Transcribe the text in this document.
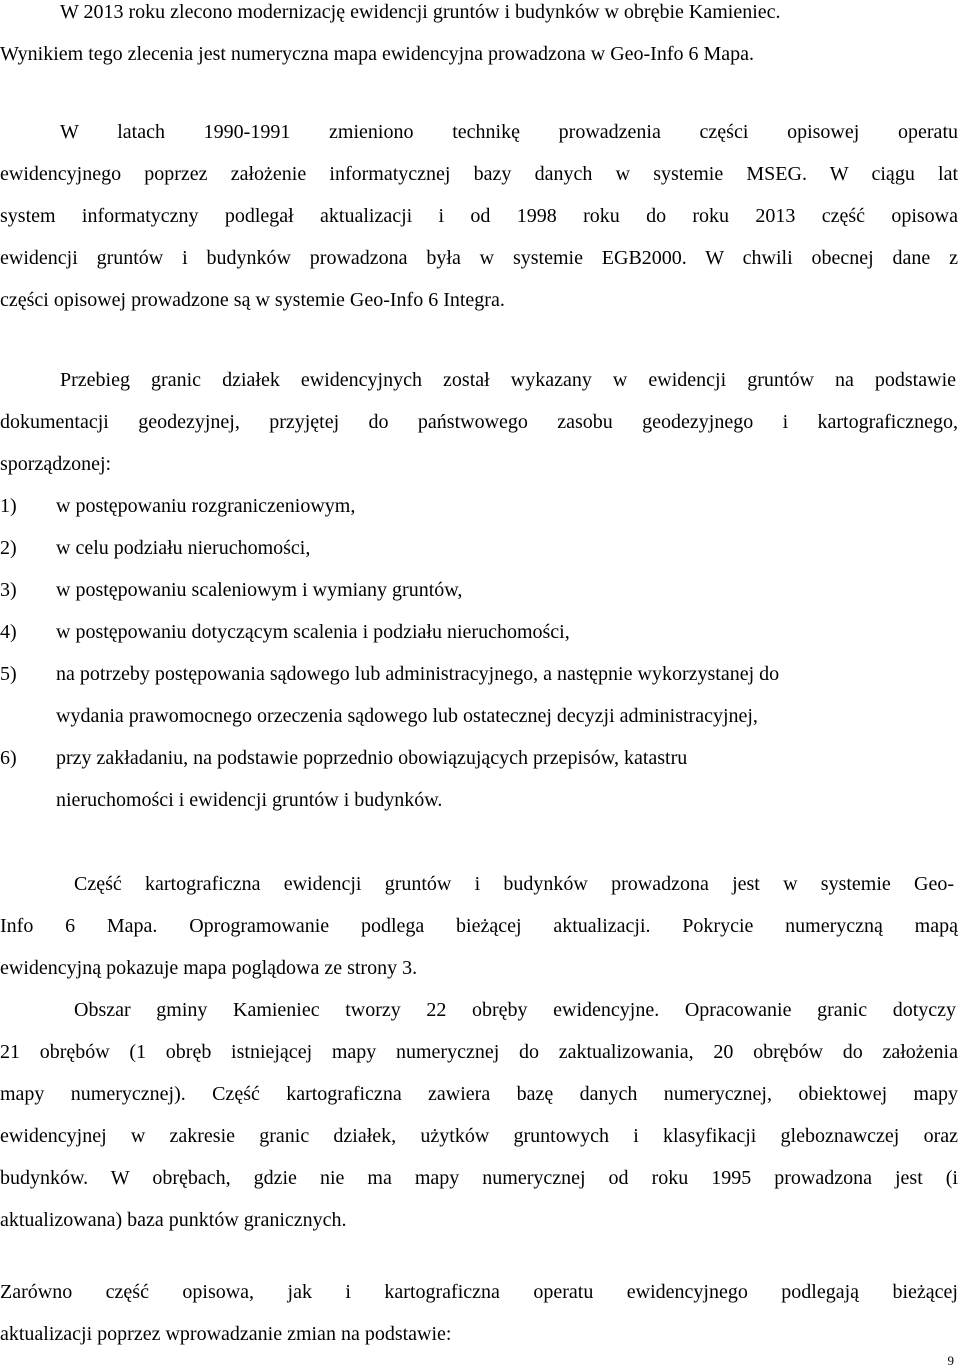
W 2013 roku zlecono modernizację ewidencji gruntów i budynków w obrębie Kamieniec.
Wynikiem tego zlecenia jest numeryczna mapa ewidencyjna prowadzona w Geo-Info 6 Mapa.
W latach 1990-1991 zmieniono technikę prowadzenia części opisowej operatu
ewidencyjnego poprzez założenie informatycznej bazy danych w systemie MSEG. W ciągu lat
system informatyczny podlegał aktualizacji i od 1998 roku do roku 2013 część opisowa
ewidencji gruntów i budynków prowadzona była w systemie EGB2000. W chwili obecnej dane z
części opisowej prowadzone są w systemie Geo-Info 6 Integra.
Przebieg granic działek ewidencyjnych został wykazany w ewidencji gruntów na podstawie
dokumentacji geodezyjnej, przyjętej do państwowego zasobu geodezyjnego i kartograficznego,
sporządzonej:
1) w postępowaniu rozgraniczeniowym,
2) w celu podziału nieruchomości,
3) w postępowaniu scaleniowym i wymiany gruntów,
4) w postępowaniu dotyczącym scalenia i podziału nieruchomości,
5) na potrzeby postępowania sądowego lub administracyjnego, a następnie wykorzystanej do
wydania prawomocnego orzeczenia sądowego lub ostatecznej decyzji administracyjnej,
6) przy zakładaniu, na podstawie poprzednio obowiązujących przepisów, katastru
nieruchomości i ewidencji gruntów i budynków.
Część kartograficzna ewidencji gruntów i budynków prowadzona jest w systemie Geo-
Info 6 Mapa. Oprogramowanie podlega bieżącej aktualizacji. Pokrycie numeryczną mapą
ewidencyjną pokazuje mapa poglądowa ze strony 3.
Obszar gminy Kamieniec tworzy 22 obręby ewidencyjne. Opracowanie granic dotyczy
21 obrębów (1 obręb istniejącej mapy numerycznej do zaktualizowania, 20 obrębów do założenia
mapy numerycznej). Część kartograficzna zawiera bazę danych numerycznej, obiektowej mapy
ewidencyjnej w zakresie granic działek, użytków gruntowych i klasyfikacji gleboznawczej oraz
budynków. W obrębach, gdzie nie ma mapy numerycznej od roku 1995 prowadzona jest (i
aktualizowana) baza punktów granicznych.
Zarówno część opisowa, jak i kartograficzna operatu ewidencyjnego podlegają bieżącej
aktualizacji poprzez wprowadzanie zmian na podstawie:
9
